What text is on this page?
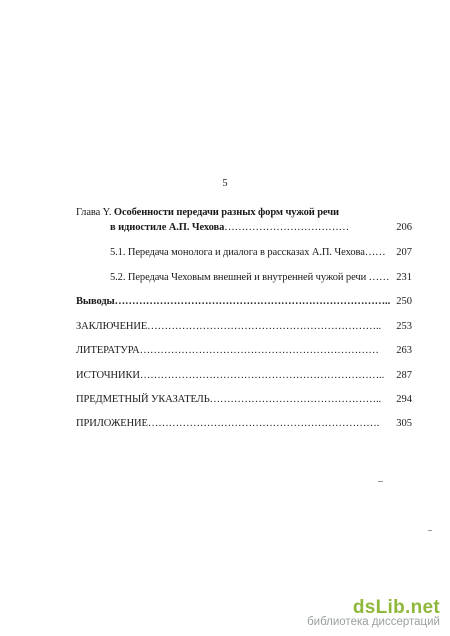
5
Глава Y. Особенности передачи разных форм чужой речи
в идиостиле А.П. Чехова………………………………	206
5.1. Передача монолога и диалога в рассказах А.П. Чехова……	207
5.2. Передача Чеховым внешней и внутренней чужой речи …… 231
Выводы…………………………………………………………………….. 250
ЗАКЛЮЧЕНИЕ…………………………………………………………..	253
ЛИТЕРАТУРА……………………………………………………………	263
ИСТОЧНИКИ……………………………………………………………..	287
ПРЕДМЕТНЫЙ УКАЗАТЕЛЬ…………………………………………..	294
ПРИЛОЖЕНИЕ………………………………………………………….	305
dsLib.net
библиотека диссертаций
